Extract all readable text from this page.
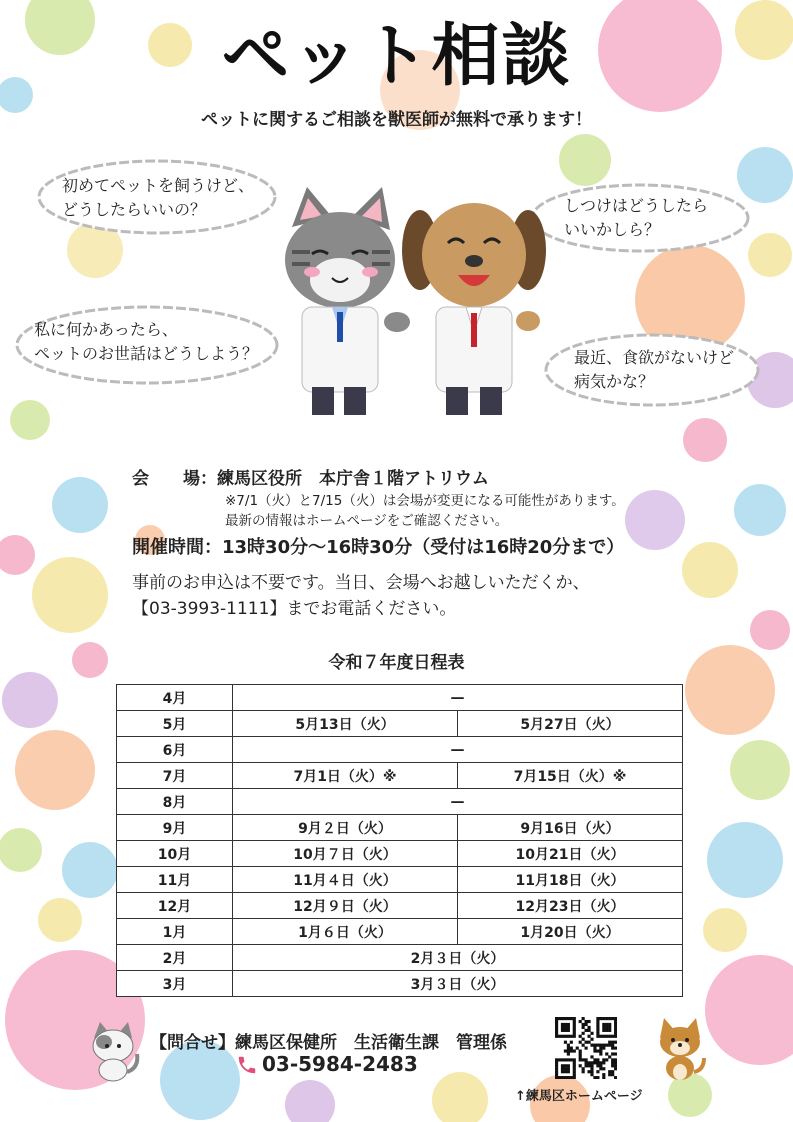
ペット相談
ペットに関するご相談を獣医師が無料で承ります！
初めてペットを飼うけど、
どうしたらいいの？	しつけはどうしたら
いいかしら？
私に何かあったら、
ペットのお世話はどうしよう？	最近、食欲がないけど
病気かな？
会　　場：練馬区役所　本庁舎１階アトリウム
※7/1（火）と7/15（火）は会場が変更になる可能性があります。
最新の情報はホームページをご確認ください。
開催時間：13時30分～16時30分（受付は16時20分まで）
事前のお申込は不要です。当日、会場へお越しいただくか、
【03-3993-1111】までお電話ください。
令和７年度日程表
4月	—	
5月	5月13日（火）	5月27日（火）
6月	—	
7月	7月1日（火）※	7月15日（火）※
8月	—	
9月	9月２日（火）	9月16日（火）
10月	10月７日（火）	10月21日（火）
11月	11月４日（火）	11月18日（火）
12月	12月９日（火）	12月23日（火）
1月	1月６日（火）	1月20日（火）
2月	2月３日（火）	
3月	3月３日（火）	
【問合せ】練馬区保健所　生活衛生課　管理係
03-5984-2483
↑練馬区ホームページ
